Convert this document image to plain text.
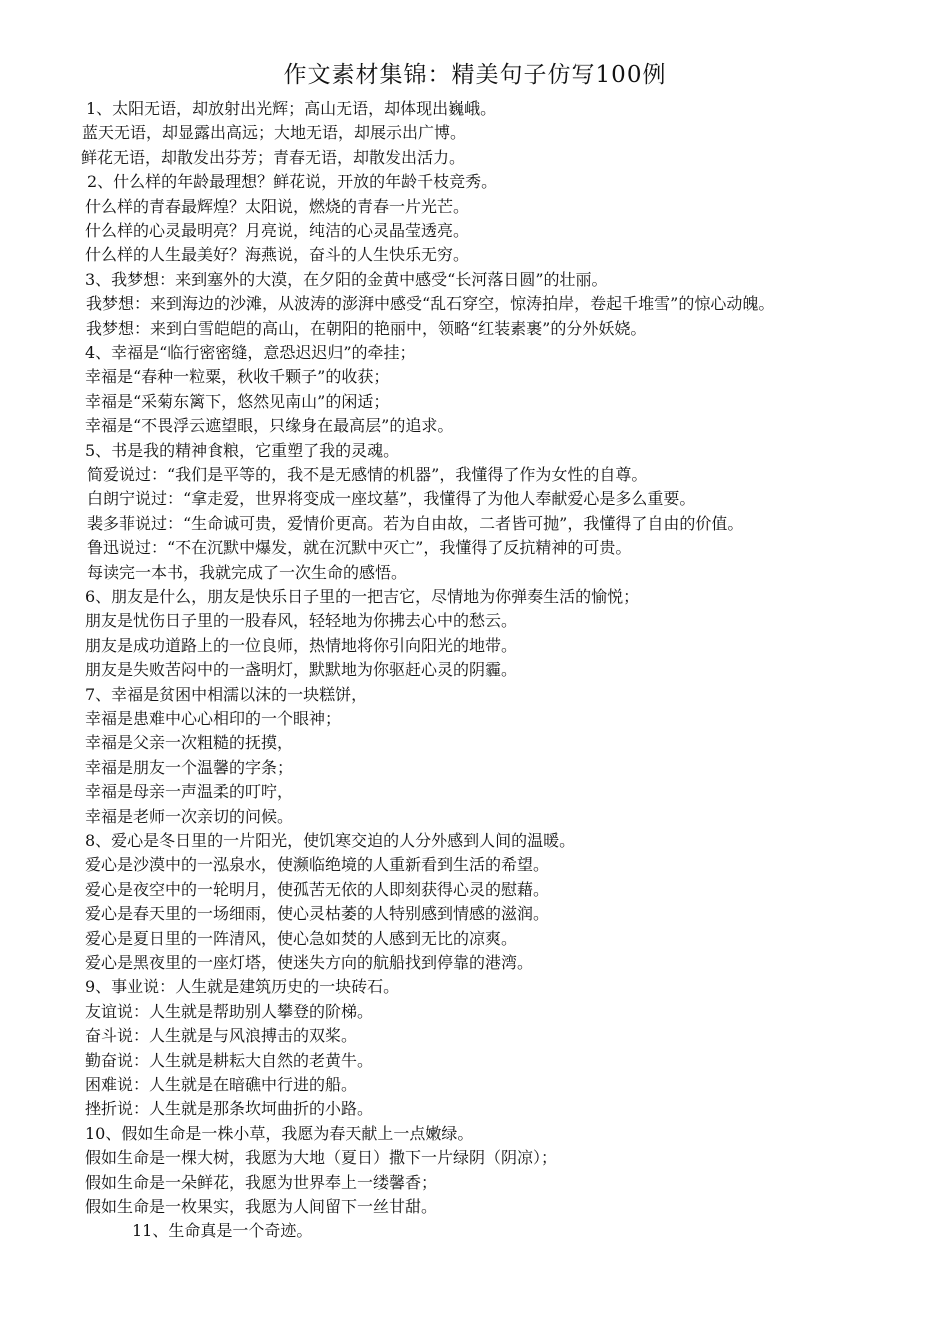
作文素材集锦：精美句子仿写100例
1、太阳无语，却放射出光辉；高山无语，却体现出巍峨。
蓝天无语，却显露出高远；大地无语，却展示出广博。
鲜花无语，却散发出芬芳；青春无语，却散发出活力。
2、什么样的年龄最理想？鲜花说，开放的年龄千枝竞秀。
什么样的青春最辉煌？太阳说，燃烧的青春一片光芒。
什么样的心灵最明亮？月亮说，纯洁的心灵晶莹透亮。
什么样的人生最美好？海燕说，奋斗的人生快乐无穷。
3、我梦想：来到塞外的大漠，在夕阳的金黄中感受“长河落日圆”的壮丽。
我梦想：来到海边的沙滩，从波涛的澎湃中感受“乱石穿空，惊涛拍岸，卷起千堆雪”的惊心动魄。
我梦想：来到白雪皑皑的高山，在朝阳的艳丽中，领略“红装素裹”的分外妖娆。
4、幸福是“临行密密缝，意恐迟迟归”的牵挂；
幸福是“春种一粒粟，秋收千颗子”的收获；
幸福是“采菊东篱下，悠然见南山”的闲适；
幸福是“不畏浮云遮望眼，只缘身在最高层”的追求。
5、书是我的精神食粮，它重塑了我的灵魂。
简爱说过：“我们是平等的，我不是无感情的机器”，我懂得了作为女性的自尊。
白朗宁说过：“拿走爱，世界将变成一座坟墓”，我懂得了为他人奉献爱心是多么重要。
裴多菲说过：“生命诚可贵，爱情价更高。若为自由故，二者皆可抛”，我懂得了自由的价值。
鲁迅说过：“不在沉默中爆发，就在沉默中灭亡”，我懂得了反抗精神的可贵。
每读完一本书，我就完成了一次生命的感悟。
6、朋友是什么，朋友是快乐日子里的一把吉它，尽情地为你弹奏生活的愉悦；
朋友是忧伤日子里的一股春风，轻轻地为你拂去心中的愁云。
朋友是成功道路上的一位良师，热情地将你引向阳光的地带。
朋友是失败苦闷中的一盏明灯，默默地为你驱赶心灵的阴霾。
7、幸福是贫困中相濡以沫的一块糕饼，
幸福是患难中心心相印的一个眼神；
幸福是父亲一次粗糙的抚摸，
幸福是朋友一个温馨的字条；
幸福是母亲一声温柔的叮咛，
幸福是老师一次亲切的问候。
8、爱心是冬日里的一片阳光，使饥寒交迫的人分外感到人间的温暖。
爱心是沙漠中的一泓泉水，使濒临绝境的人重新看到生活的希望。
爱心是夜空中的一轮明月，使孤苦无依的人即刻获得心灵的慰藉。
爱心是春天里的一场细雨，使心灵枯萎的人特别感到情感的滋润。
爱心是夏日里的一阵清风，使心急如焚的人感到无比的凉爽。
爱心是黑夜里的一座灯塔，使迷失方向的航船找到停靠的港湾。
9、事业说：人生就是建筑历史的一块砖石。
友谊说：人生就是帮助别人攀登的阶梯。
奋斗说：人生就是与风浪搏击的双桨。
勤奋说：人生就是耕耘大自然的老黄牛。
困难说：人生就是在暗礁中行进的船。
挫折说：人生就是那条坎坷曲折的小路。
10、假如生命是一株小草，我愿为春天献上一点嫩绿。
假如生命是一棵大树，我愿为大地（夏日）撒下一片绿阴（阴凉）；
假如生命是一朵鲜花，我愿为世界奉上一缕馨香；
假如生命是一枚果实，我愿为人间留下一丝甘甜。
11、生命真是一个奇迹。
